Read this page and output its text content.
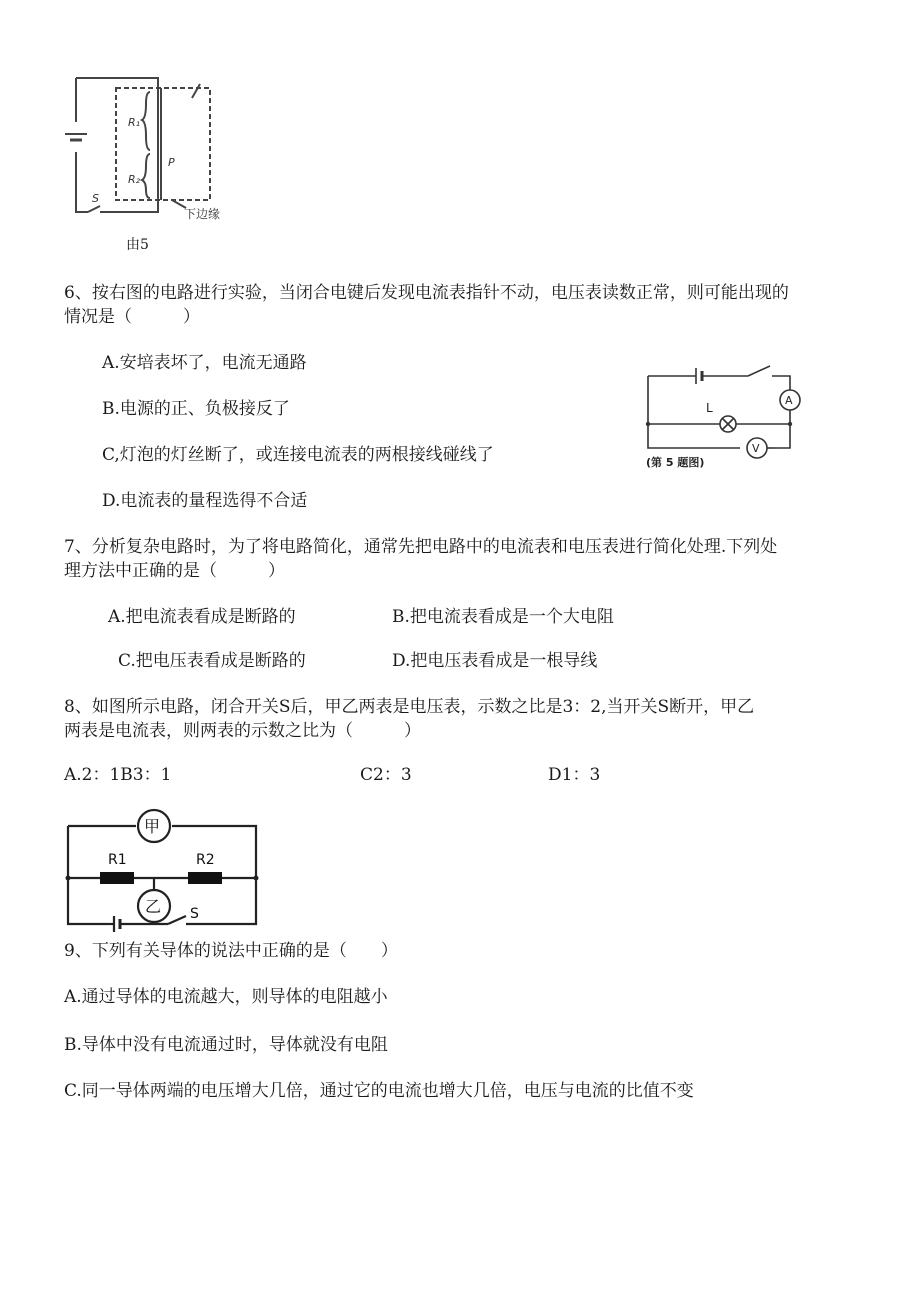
R₁
R₂
P
S
下边缘
由5
6、按右图的电路进行实验，当闭合电键后发现电流表指针不动，电压表读数正常，则可能出现的
情况是（　　　）
A.安培表坏了，电流无通路
B.电源的正、负极接反了
C,灯泡的灯丝断了，或连接电流表的两根接线碰线了
D.电流表的量程选得不合适
A
L
V
(第 5 题图)
7、分析复杂电路时，为了将电路简化，通常先把电路中的电流表和电压表进行简化处理.下列处
理方法中正确的是（　　　）
A.把电流表看成是断路的	B.把电流表看成是一个大电阻
C.把电压表看成是断路的	D.把电压表看成是一根导线
8、如图所示电路，闭合开关S后，甲乙两表是电压表，示数之比是3：2,当开关S断开，甲乙
两表是电流表，则两表的示数之比为（　　　）
A.2：1B3：1	C2：3	D1：3
甲
乙
R1	R2
S
9、下列有关导体的说法中正确的是（　　）
A.通过导体的电流越大，则导体的电阻越小
B.导体中没有电流通过时，导体就没有电阻
C.同一导体两端的电压增大几倍，通过它的电流也增大几倍，电压与电流的比值不变
